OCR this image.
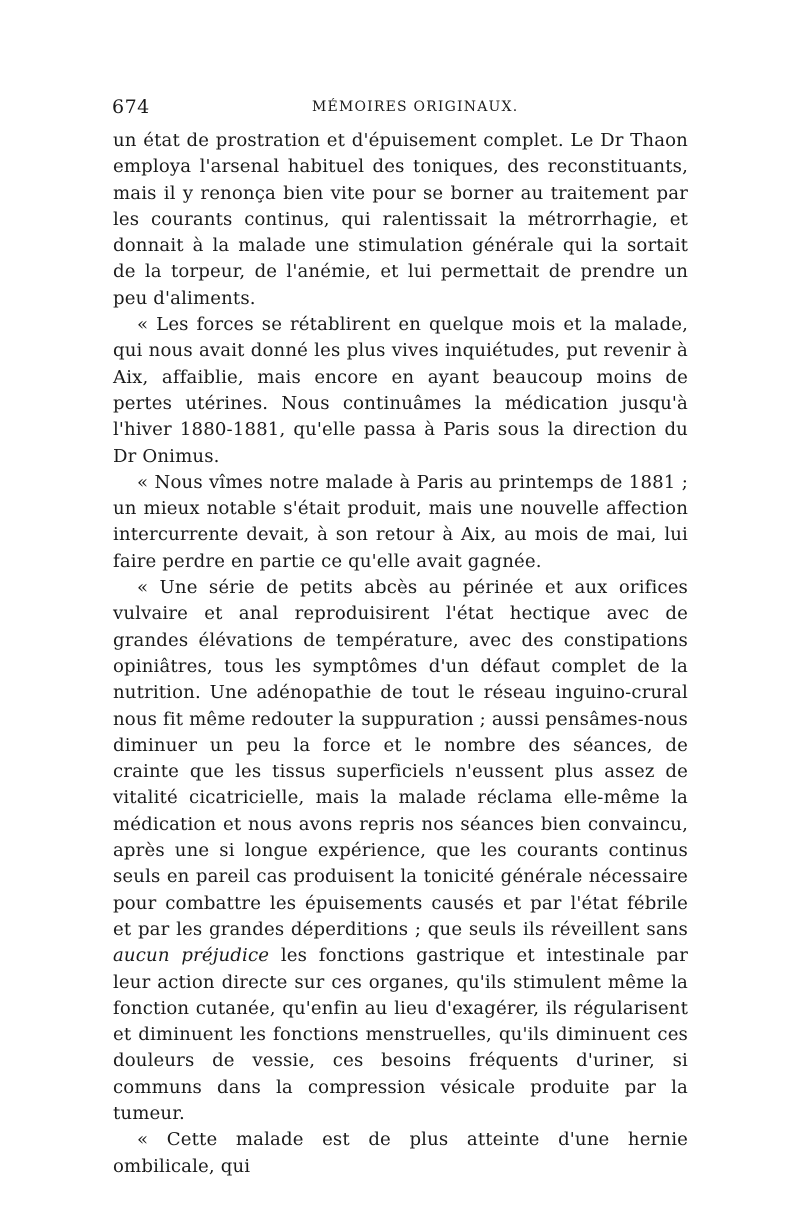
674	MÉMOIRES ORIGINAUX.

un état de prostration et d'épuisement complet. Le Dr Thaon employa l'arsenal habituel des toniques, des reconstituants, mais il y renonça bien vite pour se borner au traitement par les courants continus, qui ralentissait la métrorrhagie, et donnait à la malade une stimulation générale qui la sortait de la torpeur, de l'anémie, et lui permettait de prendre un peu d'aliments.

« Les forces se rétablirent en quelque mois et la malade, qui nous avait donné les plus vives inquiétudes, put revenir à Aix, affaiblie, mais encore en ayant beaucoup moins de pertes utérines. Nous continuâmes la médication jusqu'à l'hiver 1880-1881, qu'elle passa à Paris sous la direction du Dr Onimus.

« Nous vîmes notre malade à Paris au printemps de 1881 ; un mieux notable s'était produit, mais une nouvelle affection intercurrente devait, à son retour à Aix, au mois de mai, lui faire perdre en partie ce qu'elle avait gagnée.

« Une série de petits abcès au périnée et aux orifices vulvaire et anal reproduisirent l'état hectique avec de grandes élévations de température, avec des constipations opiniâtres, tous les symptômes d'un défaut complet de la nutrition. Une adénopathie de tout le réseau inguino-crural nous fit même redouter la suppuration ; aussi pensâmes-nous diminuer un peu la force et le nombre des séances, de crainte que les tissus superficiels n'eussent plus assez de vitalité cicatricielle, mais la malade réclama elle-même la médication et nous avons repris nos séances bien convaincu, après une si longue expérience, que les courants continus seuls en pareil cas produisent la tonicité générale nécessaire pour combattre les épuisements causés et par l'état fébrile et par les grandes déperditions ; que seuls ils réveillent sans aucun préjudice les fonctions gastrique et intestinale par leur action directe sur ces organes, qu'ils stimulent même la fonction cutanée, qu'enfin au lieu d'exagérer, ils régularisent et diminuent les fonctions menstruelles, qu'ils diminuent ces douleurs de vessie, ces besoins fréquents d'uriner, si communs dans la compression vésicale produite par la tumeur.

« Cette malade est de plus atteinte d'une hernie ombilicale, qui
